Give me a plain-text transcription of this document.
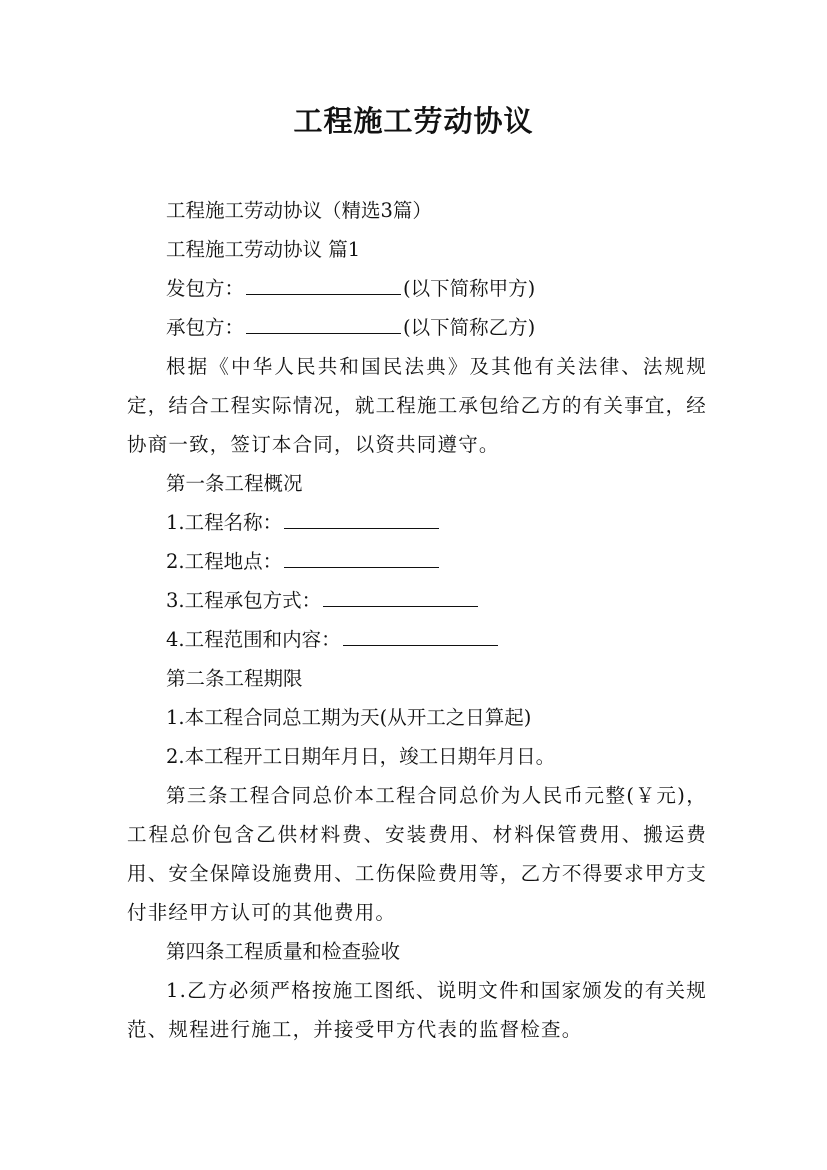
工程施工劳动协议

工程施工劳动协议（精选3篇）

工程施工劳动协议 篇1

发包方：	(以下简称甲方)

承包方：	(以下简称乙方)

根据《中华人民共和国民法典》及其他有关法律、法规规定，结合工程实际情况，就工程施工承包给乙方的有关事宜，经协商一致，签订本合同，以资共同遵守。

第一条工程概况

1.工程名称：

2.工程地点：

3.工程承包方式：

4.工程范围和内容：

第二条工程期限

1.本工程合同总工期为天(从开工之日算起)

2.本工程开工日期年月日，竣工日期年月日。

第三条工程合同总价本工程合同总价为人民币元整(￥元)，工程总价包含乙供材料费、安装费用、材料保管费用、搬运费用、安全保障设施费用、工伤保险费用等，乙方不得要求甲方支付非经甲方认可的其他费用。

第四条工程质量和检查验收

1.乙方必须严格按施工图纸、说明文件和国家颁发的有关规范、规程进行施工，并接受甲方代表的监督检查。
